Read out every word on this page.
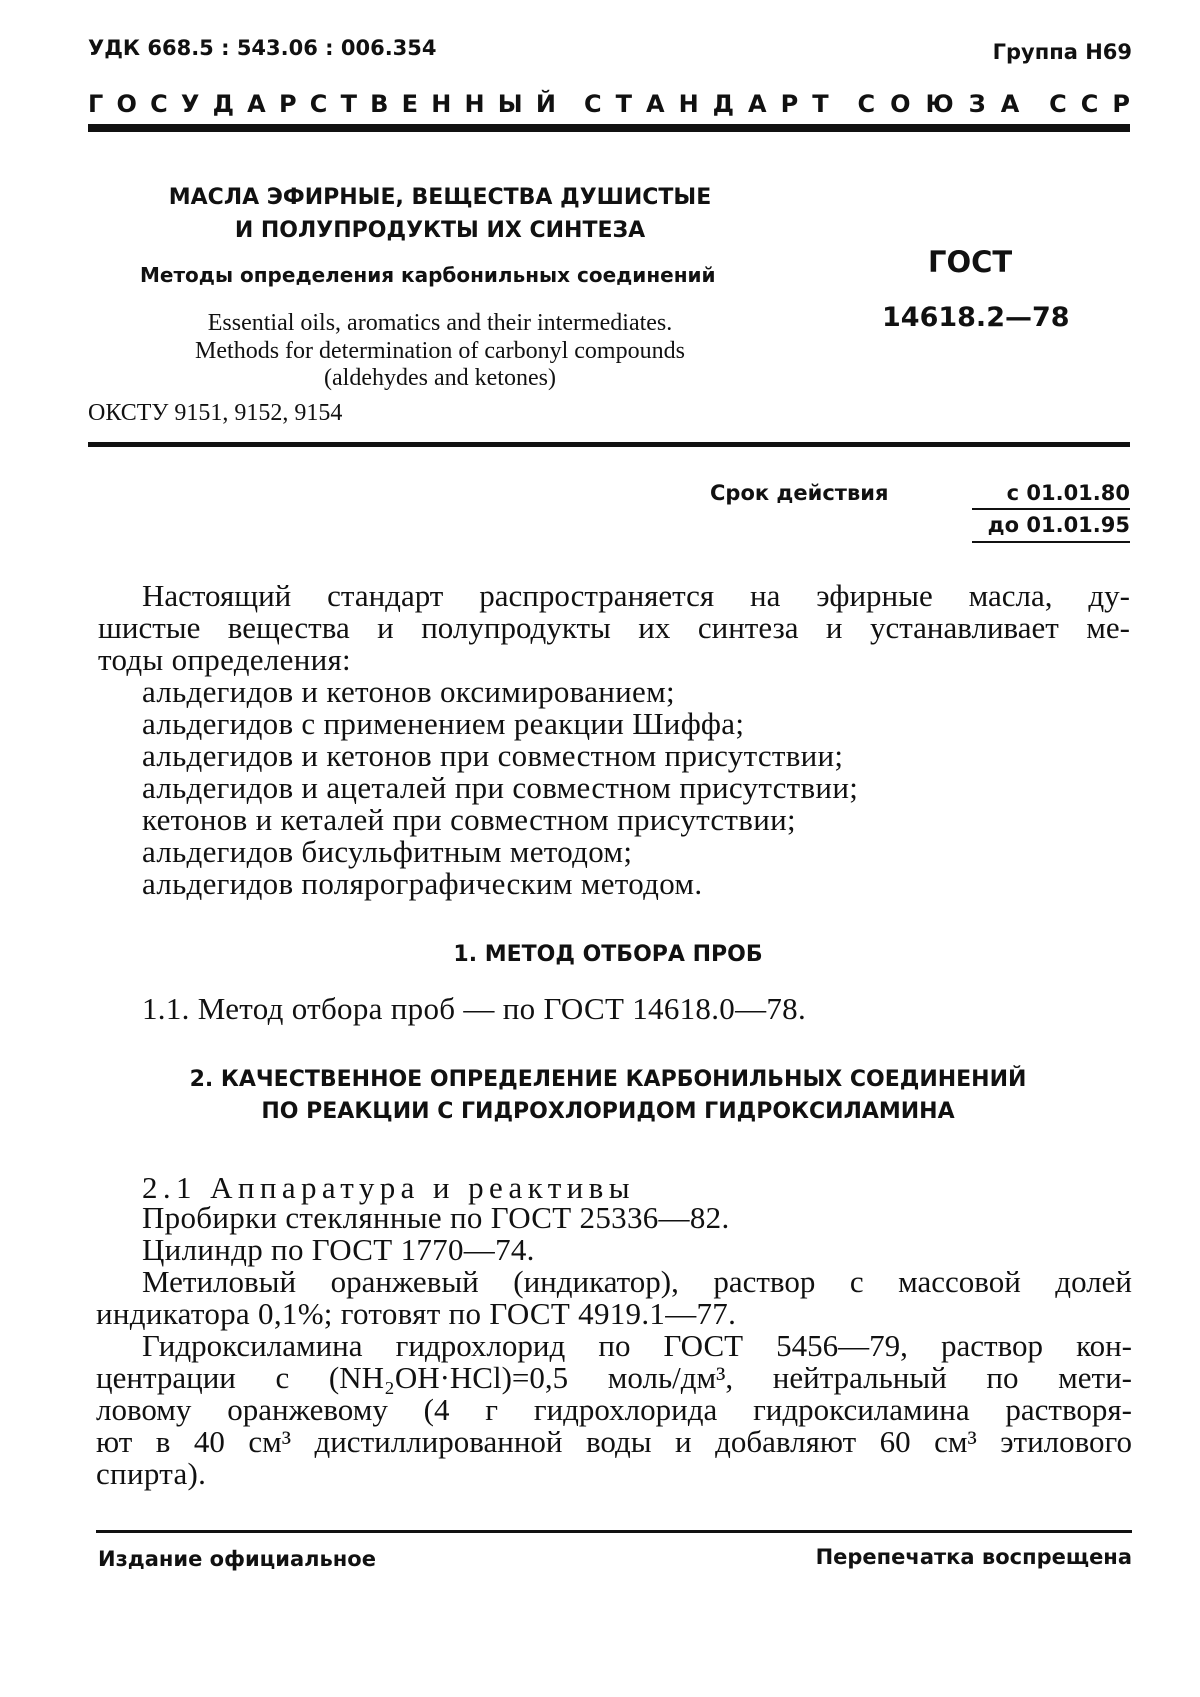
УДК 668.5 : 543.06 : 006.354	Группа Н69
ГОСУДАРСТВЕННЫЙ СТАНДАРТ СОЮЗА ССР
МАСЛА ЭФИРНЫЕ, ВЕЩЕСТВА ДУШИСТЫЕ
И ПОЛУПРОДУКТЫ ИХ СИНТЕЗА
Методы определения карбонильных соединений
Essential oils, aromatics and their intermediates.
Methods for determination of carbonyl compounds
(aldehydes and ketones)
ОКСТУ 9151, 9152, 9154
ГОСТ
14618.2—78
Срок действия	с 01.01.80
до 01.01.95
Настоящий стандарт распространяется на эфирные масла, ду-
шистые вещества и полупродукты их синтеза и устанавливает ме-
тоды определения:
альдегидов и кетонов оксимированием;
альдегидов с применением реакции Шиффа;
альдегидов и кетонов при совместном присутствии;
альдегидов и ацеталей при совместном присутствии;
кетонов и кеталей при совместном присутствии;
альдегидов бисульфитным методом;
альдегидов полярографическим методом.
1. МЕТОД ОТБОРА ПРОБ
1.1. Метод отбора проб — по ГОСТ 14618.0—78.
2. КАЧЕСТВЕННОЕ ОПРЕДЕЛЕНИЕ КАРБОНИЛЬНЫХ СОЕДИНЕНИЙ
ПО РЕАКЦИИ С ГИДРОХЛОРИДОМ ГИДРОКСИЛАМИНА
2.1 Аппаратура и реактивы
Пробирки стеклянные по ГОСТ 25336—82.
Цилиндр по ГОСТ 1770—74.
Метиловый оранжевый (индикатор), раствор с массовой долей
индикатора 0,1%; готовят по ГОСТ 4919.1—77.
Гидроксиламина гидрохлорид по ГОСТ 5456—79, раствор кон-
центрации с (NH₂OH·HCl)=0,5 моль/дм³, нейтральный по мети-
ловому оранжевому (4 г гидрохлорида гидроксиламина растворя-
ют в 40 см³ дистиллированной воды и добавляют 60 см³ этилового
спирта).
Издание официальное	Перепечатка воспрещена
